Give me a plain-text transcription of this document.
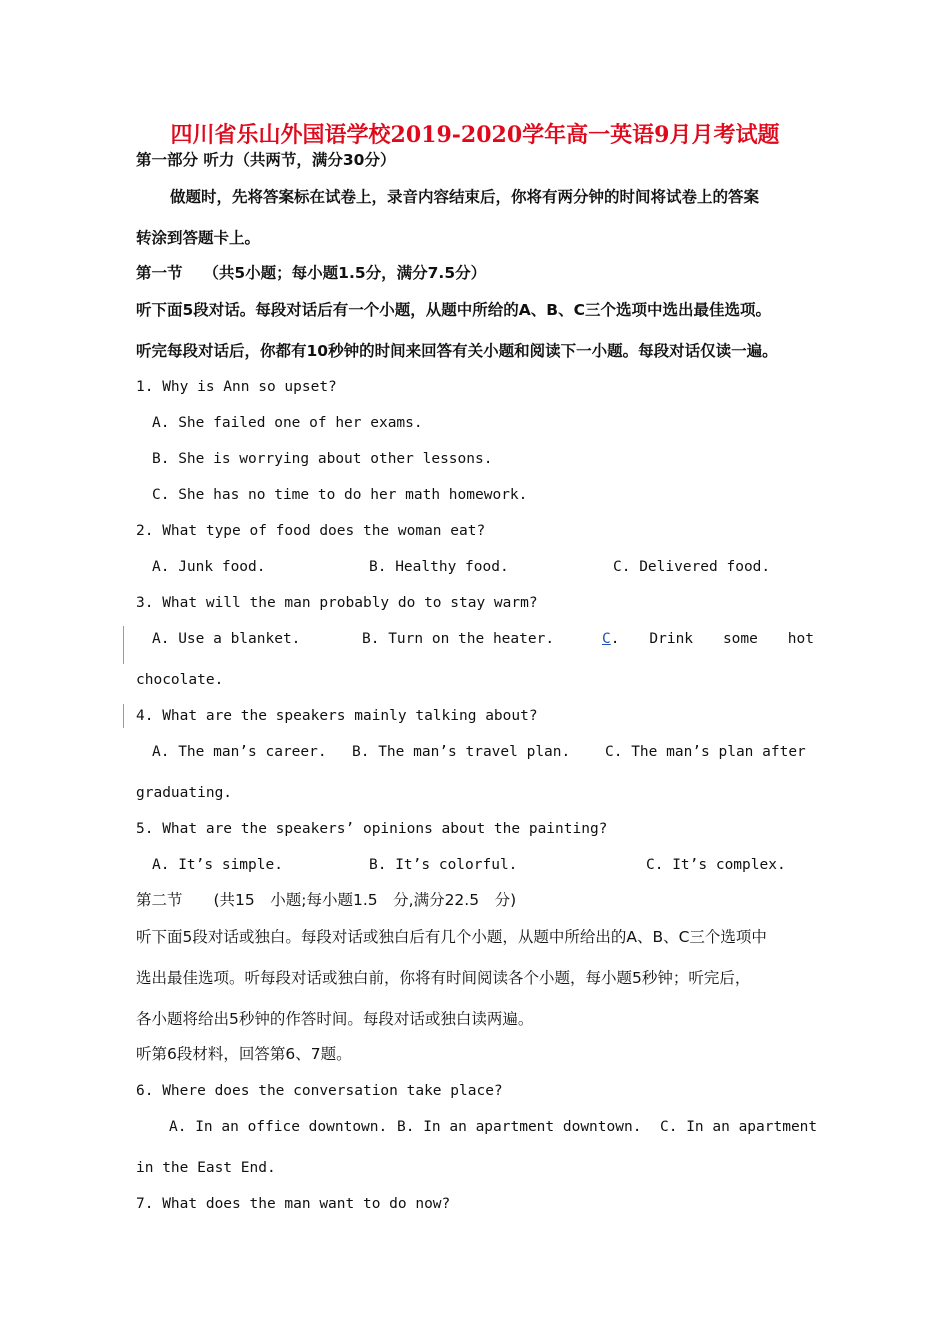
四川省乐山外国语学校2019-2020学年高一英语9月月考试题
第一部分 听力（共两节，满分30分）
做题时，先将答案标在试卷上，录音内容结束后，你将有两分钟的时间将试卷上的答案
转涂到答题卡上。
第一节　 （共5小题；每小题1.5分，满分7.5分）
听下面5段对话。每段对话后有一个小题，从题中所给的A、B、C三个选项中选出最佳选项。
听完每段对话后，你都有10秒钟的时间来回答有关小题和阅读下一小题。每段对话仅读一遍。
1. Why is Ann so upset?
A. She failed one of her exams.
B. She is worrying about other lessons.
C. She has no time to do her math homework.
2. What type of food does the woman eat?
A. Junk food.	B. Healthy food.	C. Delivered food.
3. What will the man probably do to stay warm?
A. Use a blanket.	B. Turn on the heater.	C. Drink some hot
chocolate.
4. What are the speakers mainly talking about?
A. The man’s career. B. The man’s travel plan. C. The man’s plan after
graduating.
5. What are the speakers’ opinions about the painting?
A. It’s simple.	B. It’s colorful.	C. It’s complex.
第二节　　(共15　小题;每小题1.5　分,满分22.5　分)
听下面5段对话或独白。每段对话或独白后有几个小题，从题中所给出的A、B、C三个选项中
选出最佳选项。听每段对话或独白前，你将有时间阅读各个小题，每小题5秒钟；听完后，
各小题将给出5秒钟的作答时间。每段对话或独白读两遍。
听第6段材料，回答第6、7题。
6. Where does the conversation take place?
A. In an office downtown. B. In an apartment downtown. C. In an apartment
in the East End.
7. What does the man want to do now?
